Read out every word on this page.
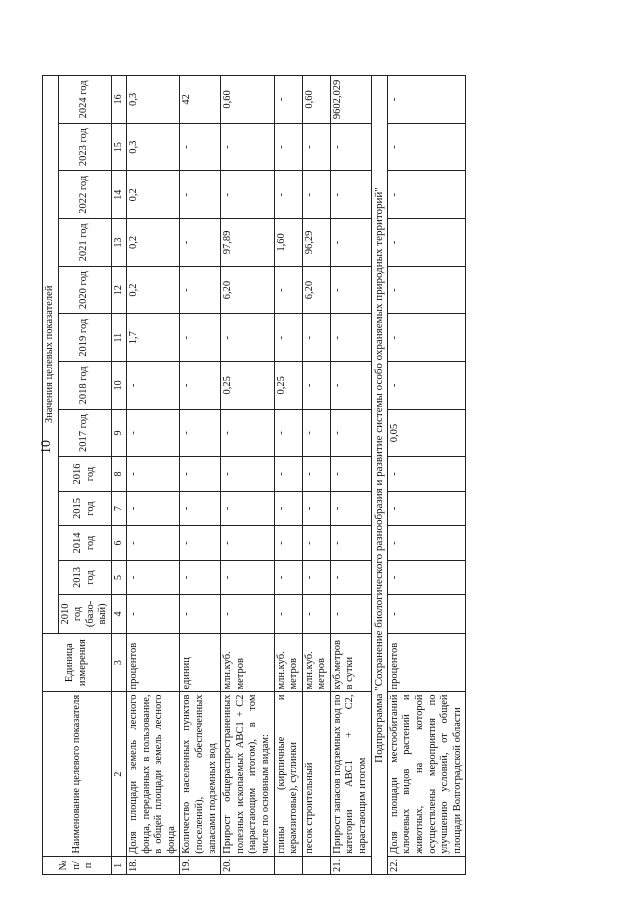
10
№ п/п	Наименование целевого показателя	Единица измерения	Значения целевых показателей												
			2010 год (базо-вый)	2013 год	2014 год	2015 год	2016 год	2017 год	2018 год	2019 год	2020 год	2021 год	2022 год	2023 год	2024 год
1	2	3	4	5	6	7	8	9	10	11	12	13	14	15	16
18.	Доля площади земель лесного фонда, переданных в пользование, в общей площади земель лесного фонда	процентов	-	-	-	-	-	-	-	1,7	0,2	0,2	0,2	0,3	0,3
19.	Количество населенных пунктов (поселений), обеспеченных запасами подземных вод	единиц	-	-	-	-	-	-	-	-	-	-	-	-	42
20.	Прирост общераспространенных полезных ископаемых АВС1 + С2 (нарастающим итогом), в том числе по основным видам:	млн.куб. метров	-	-	-	-	-	-	0,25	-	6,20	97,89	-	-	0,60
	глины (кирпичные и керамзитовые), суглинки	млн.куб. метров	-	-	-	-	-	-	0,25	-	-	1,60	-	-	-
	песок строительный	млн.куб. метров	-	-	-	-	-	-	-	-	6,20	96,29	-	-	0,60
21.	Прирост запасов подземных вод по категории АВС1 + С2, нарастающим итогом	куб.метров в сутки	-	-	-	-	-	-	-	-	-	-	-	-	9602,029
Подпрограмма "Сохранение биологического разнообразия и развитие системы особо охраняемых природных территорий"															
22.	Доля площади местообитаний ключевых видов растений и животных, на которой осуществлены мероприятия по улучшению условий, от общей площади Волгоградской области	процентов	-	-	-	-	-	0,05	-	-	-	-	-	-	-
